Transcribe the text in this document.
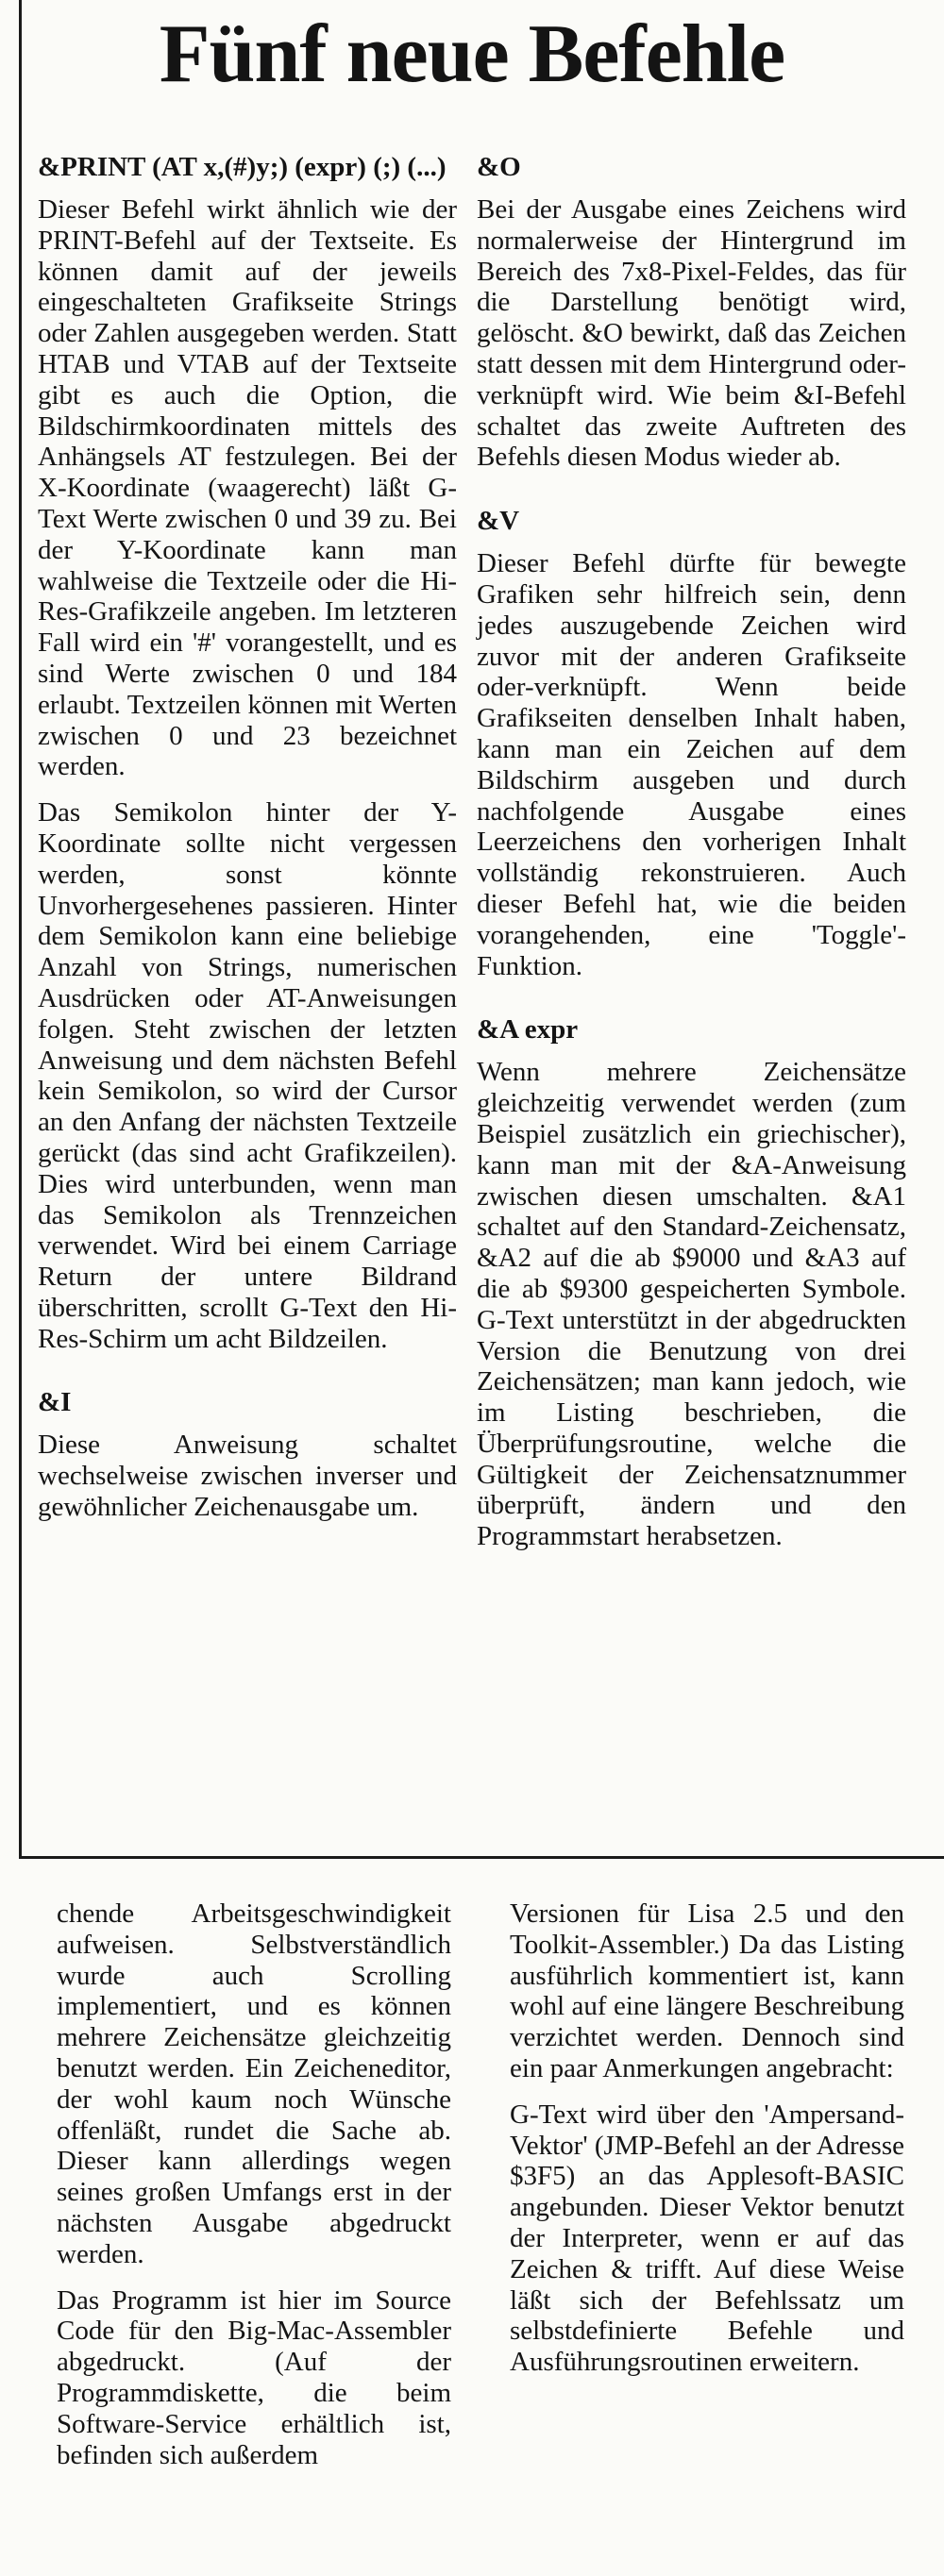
Fünf neue Befehle
&PRINT (AT x,(#)y;) (expr) (;) (...)

Dieser Befehl wirkt ähnlich wie der PRINT-Befehl auf der Textseite. Es können damit auf der jeweils eingeschalteten Grafikseite Strings oder Zahlen ausgegeben werden. Statt HTAB und VTAB auf der Textseite gibt es auch die Option, die Bildschirmkoordinaten mittels des Anhängsels AT festzulegen. Bei der X-Koordinate (waagerecht) läßt G-Text Werte zwischen 0 und 39 zu. Bei der Y-Koordinate kann man wahlweise die Textzeile oder die Hi-Res-Grafikzeile angeben. Im letzteren Fall wird ein '#' vorangestellt, und es sind Werte zwischen 0 und 184 erlaubt. Textzeilen können mit Werten zwischen 0 und 23 bezeichnet werden.

Das Semikolon hinter der Y-Koordinate sollte nicht vergessen werden, sonst könnte Unvorhergesehenes passieren. Hinter dem Semikolon kann eine beliebige Anzahl von Strings, numerischen Ausdrücken oder AT-Anweisungen folgen. Steht zwischen der letzten Anweisung und dem nächsten Befehl kein Semikolon, so wird der Cursor an den Anfang der nächsten Textzeile gerückt (das sind acht Grafikzeilen). Dies wird unterbunden, wenn man das Semikolon als Trennzeichen verwendet. Wird bei einem Carriage Return der untere Bildrand überschritten, scrollt G-Text den Hi-Res-Schirm um acht Bildzeilen.

&I

Diese Anweisung schaltet wechselweise zwischen inverser und gewöhnlicher Zeichenausgabe um.

&O

Bei der Ausgabe eines Zeichens wird normalerweise der Hintergrund im Bereich des 7x8-Pixel-Feldes, das für die Darstellung benötigt wird, gelöscht. &O bewirkt, daß das Zeichen statt dessen mit dem Hintergrund oder-verknüpft wird. Wie beim &I-Befehl schaltet das zweite Auftreten des Befehls diesen Modus wieder ab.

&V

Dieser Befehl dürfte für bewegte Grafiken sehr hilfreich sein, denn jedes auszugebende Zeichen wird zuvor mit der anderen Grafikseite oder-verknüpft. Wenn beide Grafikseiten denselben Inhalt haben, kann man ein Zeichen auf dem Bildschirm ausgeben und durch nachfolgende Ausgabe eines Leerzeichens den vorherigen Inhalt vollständig rekonstruieren. Auch dieser Befehl hat, wie die beiden vorangehenden, eine 'Toggle'-Funktion.

&A expr

Wenn mehrere Zeichensätze gleichzeitig verwendet werden (zum Beispiel zusätzlich ein griechischer), kann man mit der &A-Anweisung zwischen diesen umschalten. &A1 schaltet auf den Standard-Zeichensatz, &A2 auf die ab $9000 und &A3 auf die ab $9300 gespeicherten Symbole. G-Text unterstützt in der abgedruckten Version die Benutzung von drei Zeichensätzen; man kann jedoch, wie im Listing beschrieben, die Überprüfungsroutine, welche die Gültigkeit der Zeichensatznummer überprüft, ändern und den Programmstart herabsetzen.

chende Arbeitsgeschwindigkeit aufweisen. Selbstverständlich wurde auch Scrolling implementiert, und es können mehrere Zeichensätze gleichzeitig benutzt werden. Ein Zeicheneditor, der wohl kaum noch Wünsche offenläßt, rundet die Sache ab. Dieser kann allerdings wegen seines großen Umfangs erst in der nächsten Ausgabe abgedruckt werden.

Das Programm ist hier im Source Code für den Big-Mac-Assembler abgedruckt. (Auf der Programmdiskette, die beim Software-Service erhältlich ist, befinden sich außerdem

Versionen für Lisa 2.5 und den Toolkit-Assembler.) Da das Listing ausführlich kommentiert ist, kann wohl auf eine längere Beschreibung verzichtet werden. Dennoch sind ein paar Anmerkungen angebracht:

G-Text wird über den 'Ampersand-Vektor' (JMP-Befehl an der Adresse $3F5) an das Applesoft-BASIC angebunden. Dieser Vektor benutzt der Interpreter, wenn er auf das Zeichen & trifft. Auf diese Weise läßt sich der Befehlssatz um selbstdefinierte Befehle und Ausführungsroutinen erweitern.
